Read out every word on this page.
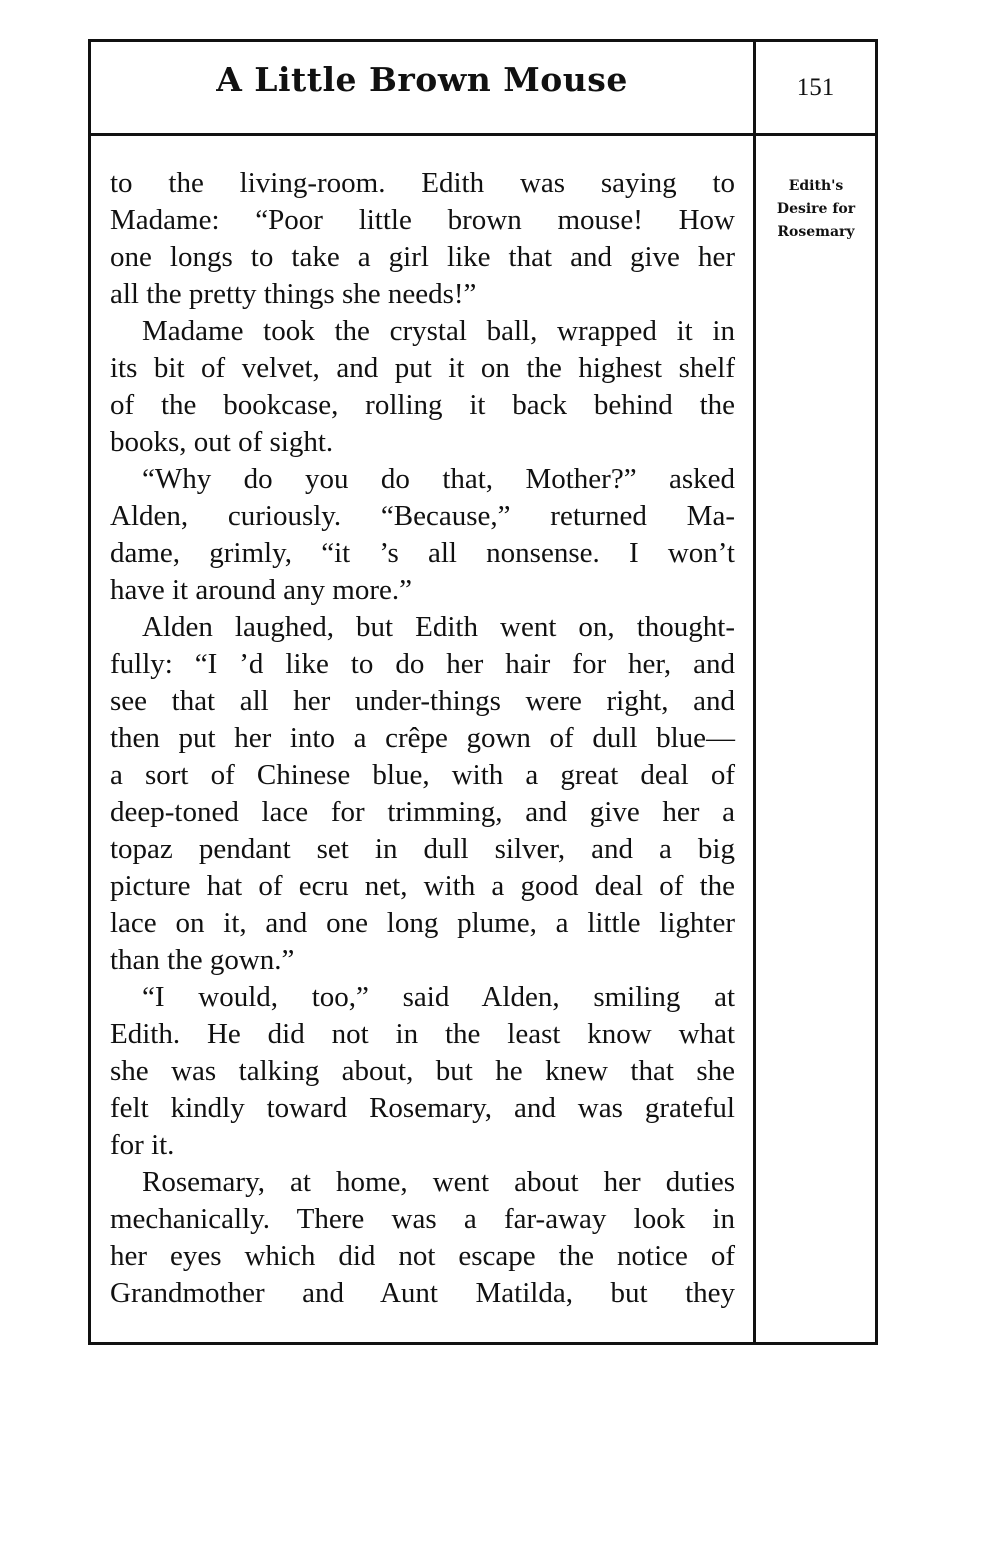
A Little Brown Mouse	151
to the living-room. Edith was saying to
Madame: “Poor little brown mouse! How
one longs to take a girl like that and give her
all the pretty things she needs!”
Madame took the crystal ball, wrapped it in
its bit of velvet, and put it on the highest shelf
of the bookcase, rolling it back behind the
books, out of sight.
“Why do you do that, Mother?” asked
Alden, curiously. “Because,” returned Ma-
dame, grimly, “it ’s all nonsense. I won’t
have it around any more.”
Alden laughed, but Edith went on, thought-
fully: “I ’d like to do her hair for her, and
see that all her under-things were right, and
then put her into a crêpe gown of dull blue—
a sort of Chinese blue, with a great deal of
deep-toned lace for trimming, and give her a
topaz pendant set in dull silver, and a big
picture hat of ecru net, with a good deal of the
lace on it, and one long plume, a little lighter
than the gown.”
“I would, too,” said Alden, smiling at
Edith. He did not in the least know what
she was talking about, but he knew that she
felt kindly toward Rosemary, and was grateful
for it.
Rosemary, at home, went about her duties
mechanically. There was a far-away look in
her eyes which did not escape the notice of
Grandmother and Aunt Matilda, but they
Edith's
Desire for
Rosemary
